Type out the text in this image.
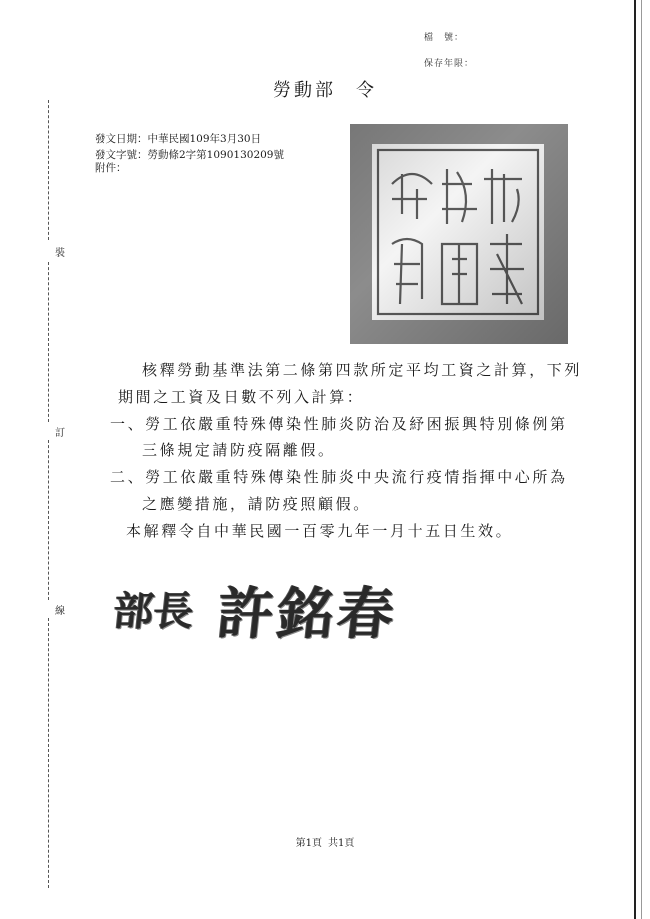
檔　號：
保存年限：
勞動部 令
發文日期：中華民國109年3月30日
發文字號：勞動條2字第1090130209號
附件：
裝
訂
線
核釋勞動基準法第二條第四款所定平均工資之計算，下列
期間之工資及日數不列入計算：
一、勞工依嚴重特殊傳染性肺炎防治及紓困振興特別條例第
三條規定請防疫隔離假。
二、勞工依嚴重特殊傳染性肺炎中央流行疫情指揮中心所為
之應變措施，請防疫照顧假。
本解釋令自中華民國一百零九年一月十五日生效。
部長 許銘春
第1頁 共1頁
